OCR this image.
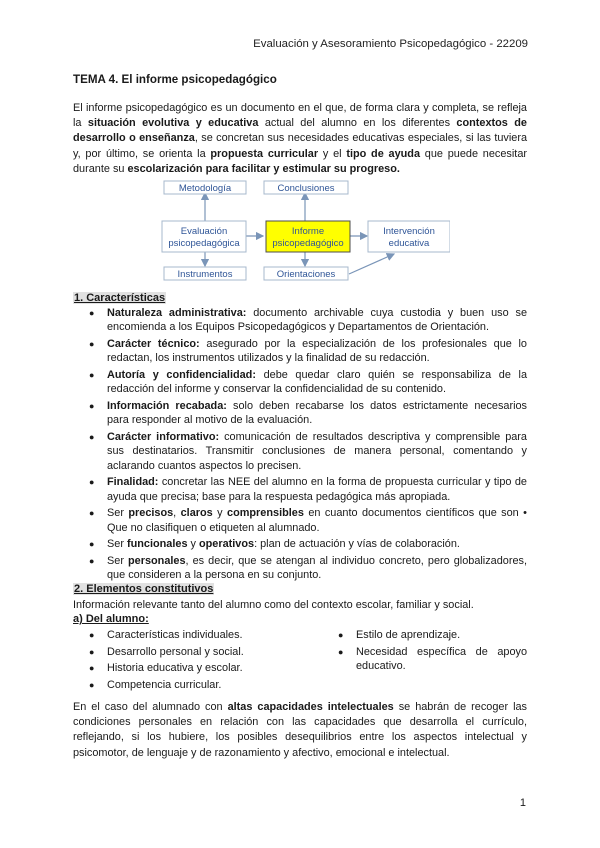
Evaluación y Asesoramiento Psicopedagógico - 22209
TEMA 4. El informe psicopedagógico
El informe psicopedagógico es un documento en el que, de forma clara y completa, se refleja la situación evolutiva y educativa actual del alumno en los diferentes contextos de desarrollo o enseñanza, se concretan sus necesidades educativas especiales, si las tuviera y, por último, se orienta la propuesta curricular y el tipo de ayuda que puede necesitar durante su escolarización para facilitar y estimular su progreso.
Metodología	Conclusiones
Evaluación
psicopedagógica
Informe
psicopedagógico
Intervención
educativa
Instrumentos	Orientaciones
1. Características
● Naturaleza administrativa: documento archivable cuya custodia y buen uso se encomienda a los Equipos Psicopedagógicos y Departamentos de Orientación.
● Carácter técnico: asegurado por la especialización de los profesionales que lo redactan, los instrumentos utilizados y la finalidad de su redacción.
● Autoría y confidencialidad: debe quedar claro quién se responsabiliza de la redacción del informe y conservar la confidencialidad de su contenido.
● Información recabada: solo deben recabarse los datos estrictamente necesarios para responder al motivo de la evaluación.
● Carácter informativo: comunicación de resultados descriptiva y comprensible para sus destinatarios. Transmitir conclusiones de manera personal, comentando y aclarando cuantos aspectos lo precisen.
● Finalidad: concretar las NEE del alumno en la forma de propuesta curricular y tipo de ayuda que precisa; base para la respuesta pedagógica más apropiada.
● Ser precisos, claros y comprensibles en cuanto documentos científicos que son • Que no clasifiquen o etiqueten al alumnado.
● Ser funcionales y operativos: plan de actuación y vías de colaboración.
● Ser personales, es decir, que se atengan al individuo concreto, pero globalizadores, que consideren a la persona en su conjunto.
2. Elementos constitutivos
Información relevante tanto del alumno como del contexto escolar, familiar y social.
a) Del alumno:
● Características individuales.
● Desarrollo personal y social.
● Historia educativa y escolar.
● Competencia curricular.
● Estilo de aprendizaje.
● Necesidad específica de apoyo educativo.
En el caso del alumnado con altas capacidades intelectuales se habrán de recoger las condiciones personales en relación con las capacidades que desarrolla el currículo, reflejando, si los hubiere, los posibles desequilibrios entre los aspectos intelectual y psicomotor, de lenguaje y de razonamiento y afectivo, emocional e intelectual.
1
